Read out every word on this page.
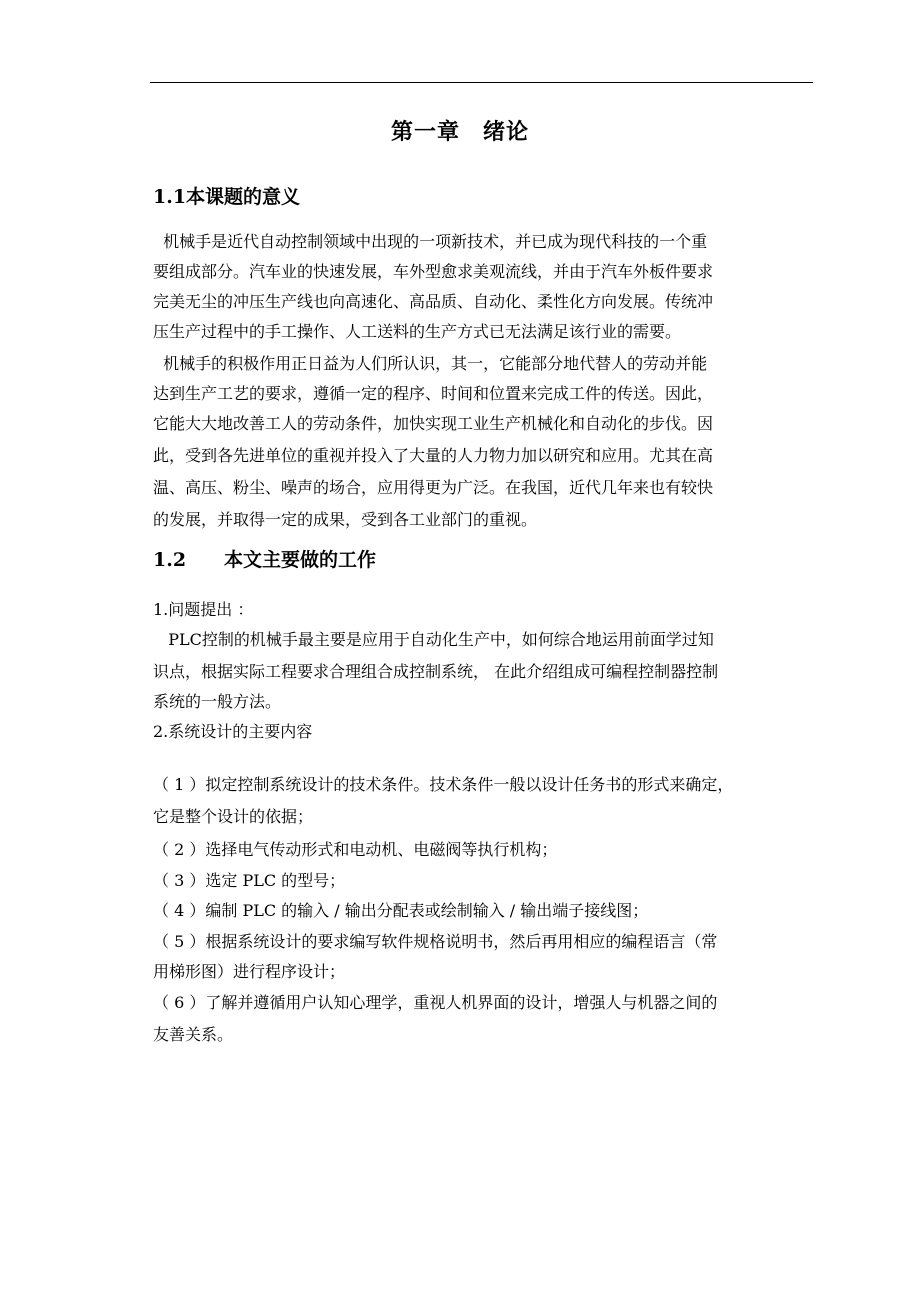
第一章　绪论
1.1本课题的意义
机械手是近代自动控制领域中出现的一项新技术，并已成为现代科技的一个重
要组成部分。汽车业的快速发展，车外型愈求美观流线，并由于汽车外板件要求
完美无尘的冲压生产线也向高速化、高品质、自动化、柔性化方向发展。传统冲
压生产过程中的手工操作、人工送料的生产方式已无法满足该行业的需要。
机械手的积极作用正日益为人们所认识，其一，它能部分地代替人的劳动并能
达到生产工艺的要求，遵循一定的程序、时间和位置来完成工件的传送。因此，
它能大大地改善工人的劳动条件，加快实现工业生产机械化和自动化的步伐。因
此，受到各先进单位的重视并投入了大量的人力物力加以研究和应用。尤其在高
温、高压、粉尘、噪声的场合，应用得更为广泛。在我国，近代几年来也有较快
的发展，并取得一定的成果，受到各工业部门的重视。
1.2　　本文主要做的工作
1.问题提出 ：
PLC控制的机械手最主要是应用于自动化生产中，如何综合地运用前面学过知
识点，根据实际工程要求合理组合成控制系统， 在此介绍组成可编程控制器控制
系统的一般方法。
2.系统设计的主要内容
（ 1 ）拟定控制系统设计的技术条件。技术条件一般以设计任务书的形式来确定，
它是整个设计的依据；
（ 2 ）选择电气传动形式和电动机、电磁阀等执行机构；
（ 3 ）选定 PLC 的型号；
（ 4 ）编制 PLC 的输入 / 输出分配表或绘制输入 / 输出端子接线图；
（ 5 ）根据系统设计的要求编写软件规格说明书，然后再用相应的编程语言（常
用梯形图）进行程序设计；
（ 6 ）了解并遵循用户认知心理学，重视人机界面的设计，增强人与机器之间的
友善关系。
